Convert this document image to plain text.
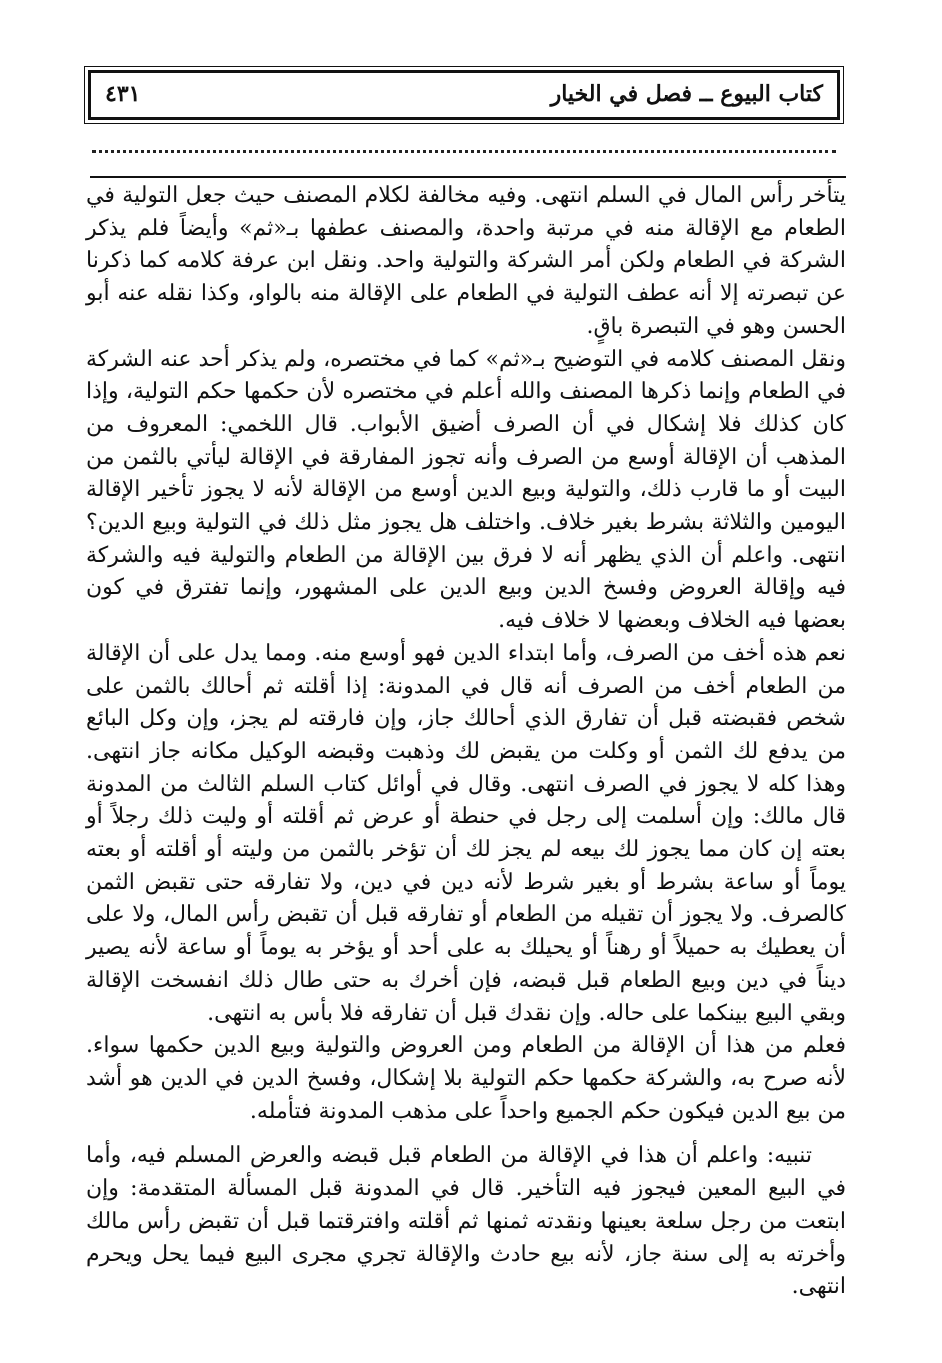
كتاب البيوع ــ فصل في الخيار
٤٣١

يتأخر رأس المال في السلم انتهى. وفيه مخالفة لكلام المصنف حيث جعل التولية في الطعام مع الإقالة منه في مرتبة واحدة، والمصنف عطفها بـ«ثم» وأيضاً فلم يذكر الشركة في الطعام ولكن أمر الشركة والتولية واحد. ونقل ابن عرفة كلامه كما ذكرنا عن تبصرته إلا أنه عطف التولية في الطعام على الإقالة منه بالواو، وكذا نقله عنه أبو الحسن وهو في التبصرة باقٍ.

ونقل المصنف كلامه في التوضيح بـ«ثم» كما في مختصره، ولم يذكر أحد عنه الشركة في الطعام وإنما ذكرها المصنف والله أعلم في مختصره لأن حكمها حكم التولية، وإذا كان كذلك فلا إشكال في أن الصرف أضيق الأبواب. قال اللخمي: المعروف من المذهب أن الإقالة أوسع من الصرف وأنه تجوز المفارقة في الإقالة ليأتي بالثمن من البيت أو ما قارب ذلك، والتولية وبيع الدين أوسع من الإقالة لأنه لا يجوز تأخير الإقالة اليومين والثلاثة بشرط بغير خلاف. واختلف هل يجوز مثل ذلك في التولية وبيع الدين؟ انتهى. واعلم أن الذي يظهر أنه لا فرق بين الإقالة من الطعام والتولية فيه والشركة فيه وإقالة العروض وفسخ الدين وبيع الدين على المشهور، وإنما تفترق في كون بعضها فيه الخلاف وبعضها لا خلاف فيه.

نعم هذه أخف من الصرف، وأما ابتداء الدين فهو أوسع منه. ومما يدل على أن الإقالة من الطعام أخف من الصرف أنه قال في المدونة: إذا أقلته ثم أحالك بالثمن على شخص فقبضته قبل أن تفارق الذي أحالك جاز، وإن فارقته لم يجز، وإن وكل البائع من يدفع لك الثمن أو وكلت من يقبض لك وذهبت وقبضه الوكيل مكانه جاز انتهى. وهذا كله لا يجوز في الصرف انتهى. وقال في أوائل كتاب السلم الثالث من المدونة قال مالك: وإن أسلمت إلى رجل في حنطة أو عرض ثم أقلته أو وليت ذلك رجلاً أو بعته إن كان مما يجوز لك بيعه لم يجز لك أن تؤخر بالثمن من وليته أو أقلته أو بعته يوماً أو ساعة بشرط أو بغير شرط لأنه دين في دين، ولا تفارقه حتى تقبض الثمن كالصرف. ولا يجوز أن تقيله من الطعام أو تفارقه قبل أن تقبض رأس المال، ولا على أن يعطيك به حميلاً أو رهناً أو يحيلك به على أحد أو يؤخر به يوماً أو ساعة لأنه يصير ديناً في دين وبيع الطعام قبل قبضه، فإن أخرك به حتى طال ذلك انفسخت الإقالة وبقي البيع بينكما على حاله. وإن نقدك قبل أن تفارقه فلا بأس به انتهى.

فعلم من هذا أن الإقالة من الطعام ومن العروض والتولية وبيع الدين حكمها سواء. لأنه صرح به، والشركة حكمها حكم التولية بلا إشكال، وفسخ الدين في الدين هو أشد من بيع الدين فيكون حكم الجميع واحداً على مذهب المدونة فتأمله.

تنبيه: واعلم أن هذا في الإقالة من الطعام قبل قبضه والعرض المسلم فيه، وأما في البيع المعين فيجوز فيه التأخير. قال في المدونة قبل المسألة المتقدمة: وإن ابتعت من رجل سلعة بعينها ونقدته ثمنها ثم أقلته وافترقتما قبل أن تقبض رأس مالك وأخرته به إلى سنة جاز، لأنه بيع حادث والإقالة تجري مجرى البيع فيما يحل ويحرم انتهى.
